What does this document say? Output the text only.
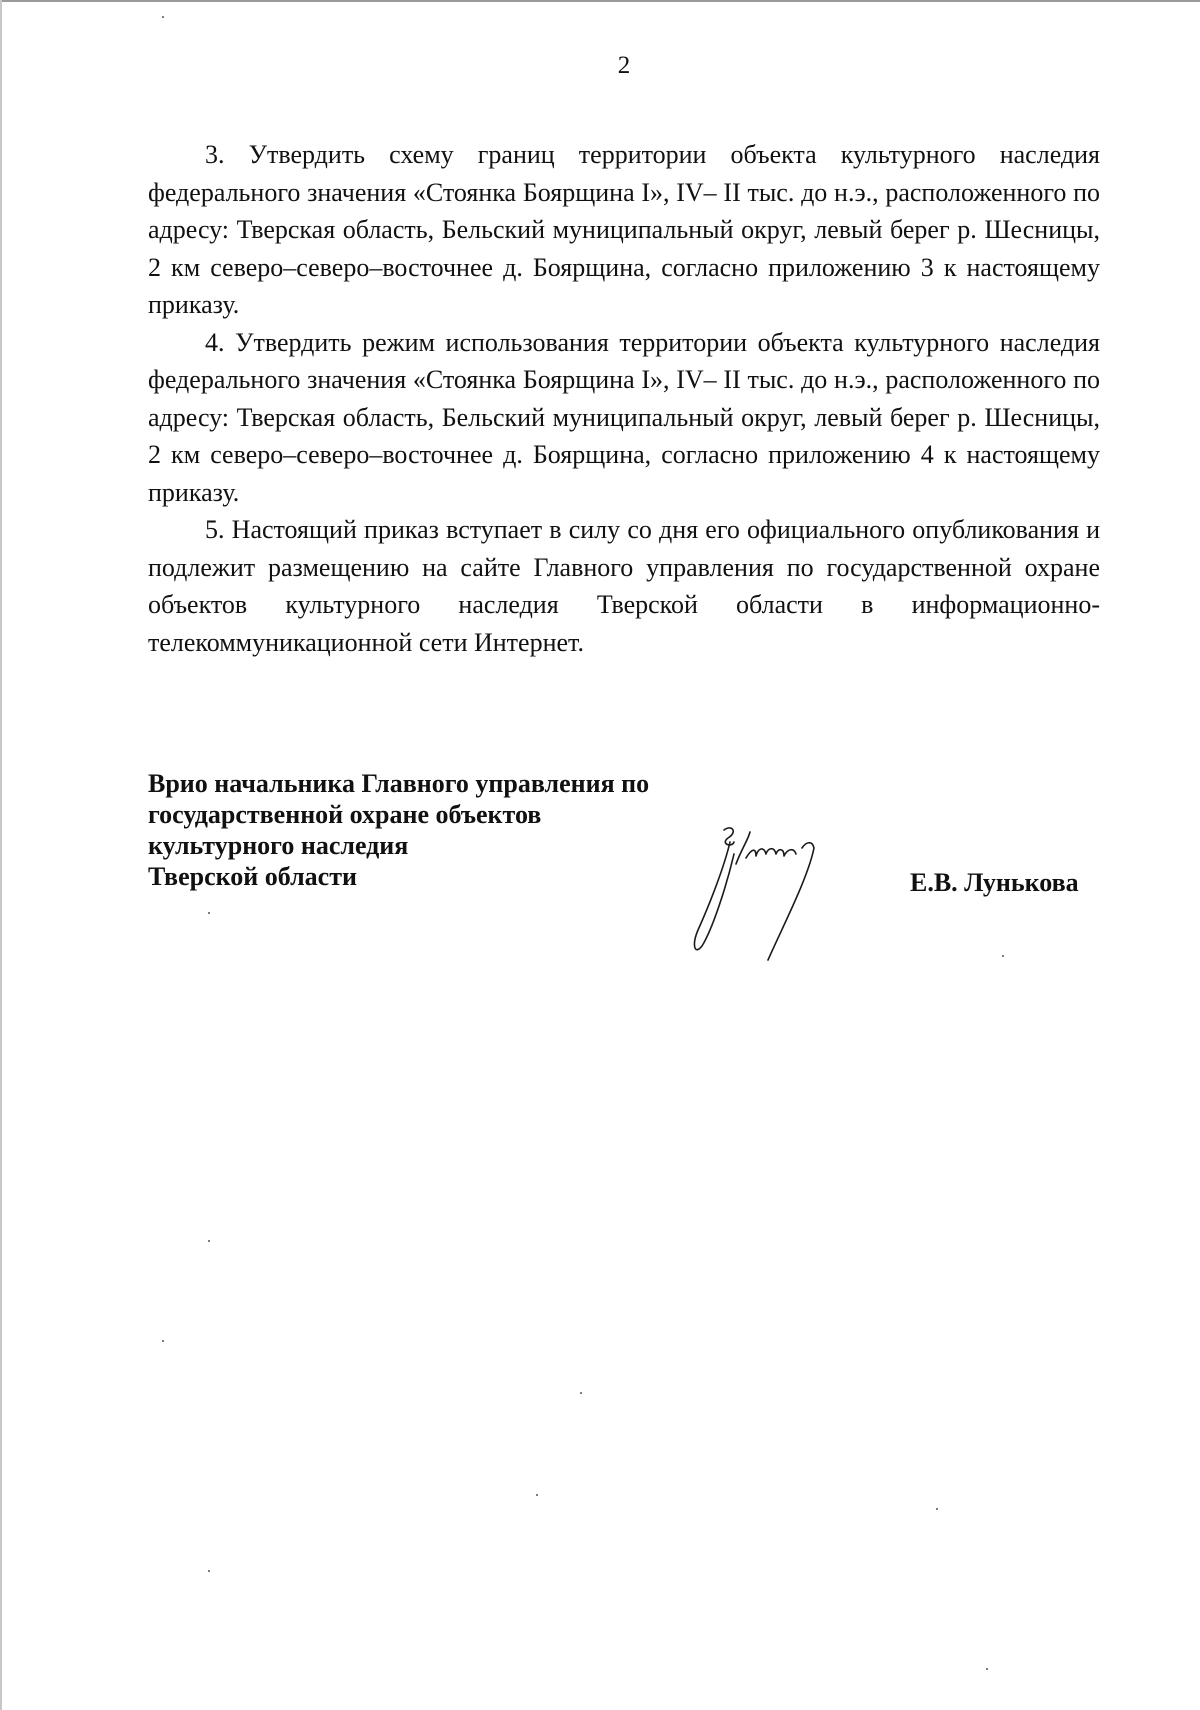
2

3. Утвердить схему границ территории объекта культурного наследия федерального значения «Стоянка Боярщина I», IV– II тыс. до н.э., расположенного по адресу: Тверская область, Бельский муниципальный округ, левый берег р. Шесницы, 2 км северо–северо–восточнее д. Боярщина, согласно приложению 3 к настоящему приказу.

4. Утвердить режим использования территории объекта культурного наследия федерального значения «Стоянка Боярщина I», IV– II тыс. до н.э., расположенного по адресу: Тверская область, Бельский муниципальный округ, левый берег р. Шесницы, 2 км северо–северо–восточнее д. Боярщина, согласно приложению 4 к настоящему приказу.

5. Настоящий приказ вступает в силу со дня его официального опубликования и подлежит размещению на сайте Главного управления по государственной охране объектов культурного наследия Тверской области в информационно-телекоммуникационной сети Интернет.

Врио начальника Главного управления по
государственной охране объектов
культурного наследия
Тверской области	Е.В. Лунькова
